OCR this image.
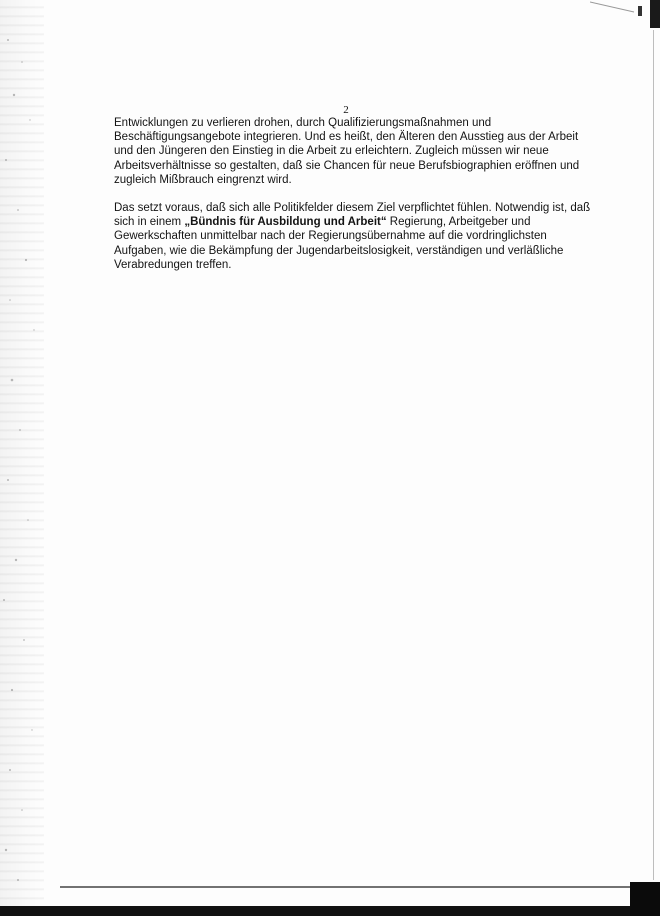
2

Entwicklungen zu verlieren drohen, durch Qualifizierungsmaßnahmen und
Beschäftigungsangebote integrieren. Und es heißt, den Älteren den Ausstieg aus der Arbeit
und den Jüngeren den Einstieg in die Arbeit zu erleichtern. Zugleich müssen wir neue
Arbeitsverhältnisse so gestalten, daß sie Chancen für neue Berufsbiographien eröffnen und
zugleich Mißbrauch eingrenzt wird.

Das setzt voraus, daß sich alle Politikfelder diesem Ziel verpflichtet fühlen. Notwendig ist, daß
sich in einem „Bündnis für Ausbildung und Arbeit“ Regierung, Arbeitgeber und
Gewerkschaften unmittelbar nach der Regierungsübernahme auf die vordringlichsten
Aufgaben, wie die Bekämpfung der Jugendarbeitslosigkeit, verständigen und verläßliche
Verabredungen treffen.
